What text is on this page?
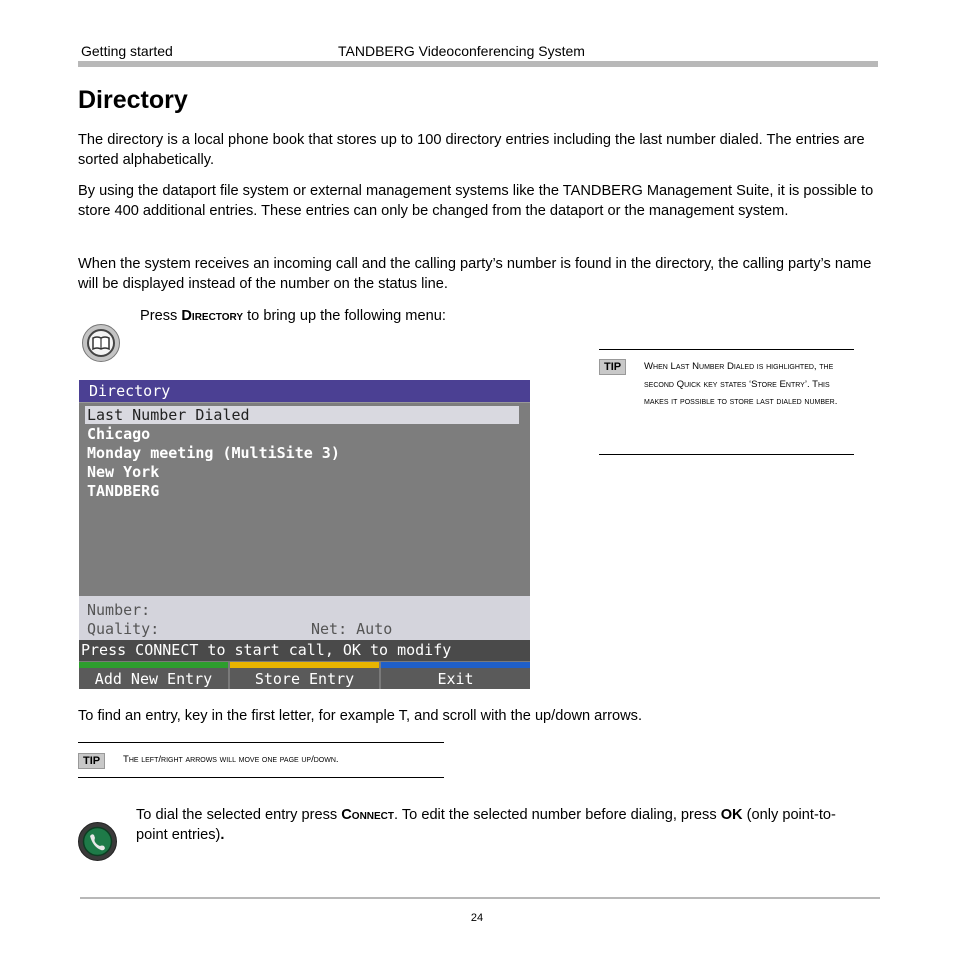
Getting started	TANDBERG Videoconferencing System
Directory
The directory is a local phone book that stores up to 100 directory entries including the last number dialed. The entries are sorted alphabetically.
By using the dataport file system or external management systems like the TANDBERG Management Suite, it is possible to store 400 additional entries. These entries can only be changed from the dataport or the management system.
When the system receives an incoming call and the calling party’s number is found in the directory, the calling party’s name will be displayed instead of the number on the status line.
Press Directory to bring up the following menu:
TIP	When Last Number Dialed is highlighted, the second Quick key states ‘Store Entry’. This makes it possible to store last dialed number.
Directory
Last Number Dialed
Chicago
Monday meeting (MultiSite 3)
New York
TANDBERG
Number:
Quality:	Net: Auto
Press CONNECT to start call, OK to modify
Add New Entry	Store Entry	Exit
To find an entry, key in the first letter, for example T, and scroll with the up/down arrows.
TIP	The left/right arrows will move one page up/down.
To dial the selected entry press Connect. To edit the selected number before dialing, press OK (only point-to-point entries).
24
